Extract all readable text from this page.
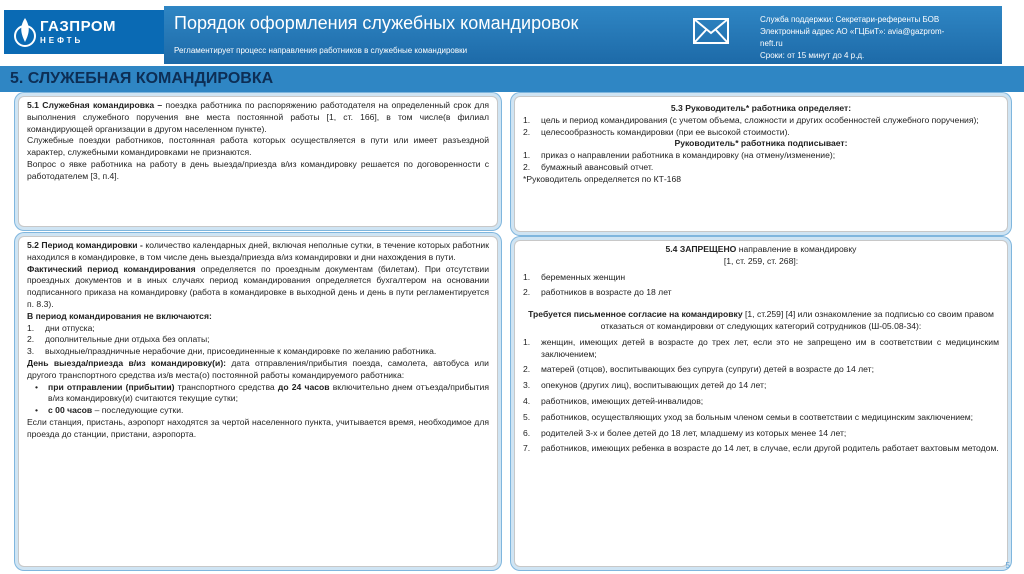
ГАЗПРОМ
НЕФТЬ
Порядок оформления служебных командировок
Регламентирует процесс направления работников в служебные командировки
Служба поддержки: Секретари-референты БОВ
Электронный адрес АО «ГЦБиТ»: avia@gazprom-
neft.ru
Сроки: от 15 минут до 4 р.д.
5. СЛУЖЕБНАЯ КОМАНДИРОВКА

5.1 Служебная командировка – поездка работника по распоряжению работодателя на определенный срок для выполнения служебного поручения вне места постоянной работы [1, ст. 166], в том числе(в филиал командирующей организации в другом населенном пункте).

Служебные поездки работников, постоянная работа которых осуществляется в пути или имеет разъездной характер, служебными командировками не признаются.

Вопрос о явке работника на работу в день выезда/приезда в/из командировку решается по договоренности с работодателем [3, п.4].

5.2 Период командировки - количество календарных дней, включая неполные сутки, в течение которых работник находился в командировке, в том числе день выезда/приезда в/из командировки и дни нахождения в пути.

Фактический период командирования определяется по проездным документам (билетам). При отсутствии проездных документов и в иных случаях период командирования определяется бухгалтером на основании подписанного приказа на командировку (работа в командировке в выходной день и день в пути регламентируется п. 8.3).

В период командирования не включаются:

1.	дни отпуска;
2.	дополнительные дни отдыха без оплаты;
3.	выходные/праздничные нерабочие дни, присоединенные к командировке по желанию работника.

День выезда/приезда в/из командировку(и): дата отправления/прибытия поезда, самолета, автобуса или другого транспортного средства из/в места(о) постоянной работы командируемого работника:

• при отправлении (прибытии) транспортного средства до 24 часов включительно днем отъезда/прибытия в/из командировку(и) считаются текущие сутки;
• с 00 часов – последующие сутки.

Если станция, пристань, аэропорт находятся за чертой населенного пункта, учитывается время, необходимое для проезда до станции, пристани, аэропорта.

5.3 Руководитель* работника определяет:

1.	цель и период командирования (с учетом объема, сложности и других особенностей служебного поручения);
2.	целесообразность командировки (при ее высокой стоимости).

Руководитель* работника подписывает:

1.	приказ о направлении работника в командировку (на отмену/изменение);
2.	бумажный авансовый отчет.

*Руководитель определяется по КТ-168

5.4 ЗАПРЕЩЕНО направление в командировку

[1, ст. 259, ст. 268]:

1.	беременных женщин
2.	работников в возрасте до 18 лет

Требуется письменное согласие на командировку [1, ст.259] [4] или ознакомление за подписью со своим правом отказаться от командировки от следующих категорий сотрудников (Ш-05.08-34):

1.	женщин, имеющих детей в возрасте до трех лет, если это не запрещено им в соответствии с медицинским заключением;
2.	матерей (отцов), воспитывающих без супруга (супруги) детей в возрасте до 14 лет;
3.	опекунов (других лиц), воспитывающих детей до 14 лет;
4.	работников, имеющих детей-инвалидов;
5.	работников, осуществляющих уход за больным членом семьи в соответствии с медицинским заключением;
6.	родителей 3-х и более детей до 18 лет, младшему из которых менее 14 лет;
7.	работников, имеющих ребенка в возрасте до 14 лет, в случае, если другой родитель работает вахтовым методом.
5
